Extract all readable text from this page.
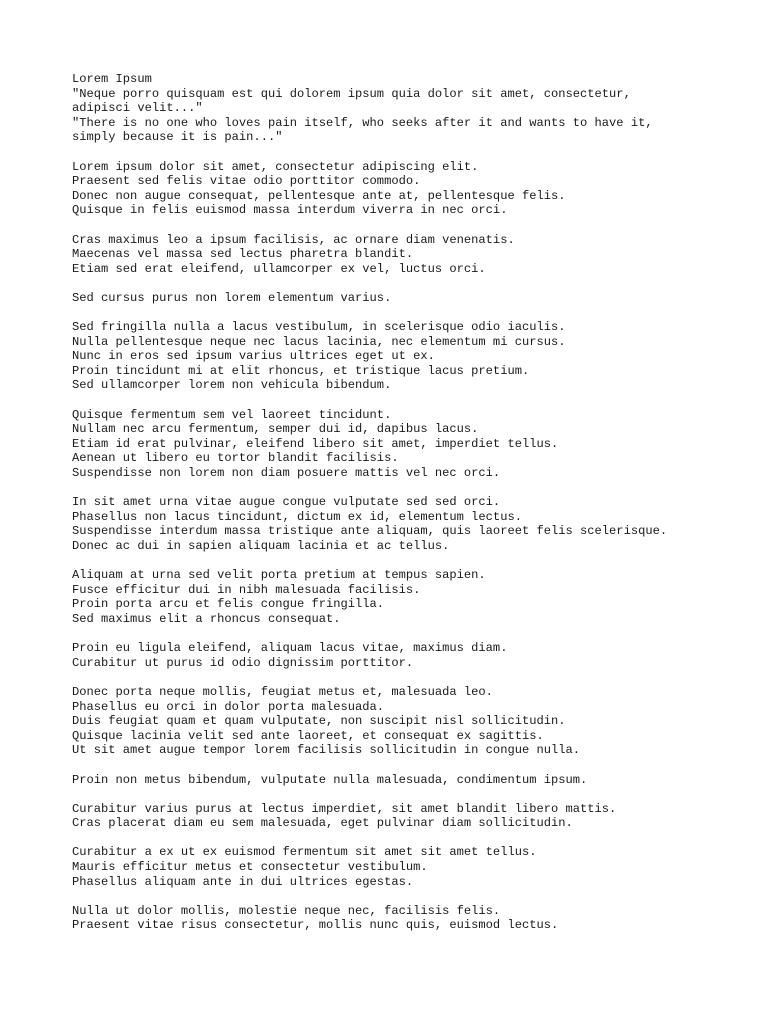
Lorem Ipsum
"Neque porro quisquam est qui dolorem ipsum quia dolor sit amet, consectetur,
adipisci velit..."
"There is no one who loves pain itself, who seeks after it and wants to have it,
simply because it is pain..."
Lorem ipsum dolor sit amet, consectetur adipiscing elit.
Praesent sed felis vitae odio porttitor commodo.
Donec non augue consequat, pellentesque ante at, pellentesque felis.
Quisque in felis euismod massa interdum viverra in nec orci.
Cras maximus leo a ipsum facilisis, ac ornare diam venenatis.
Maecenas vel massa sed lectus pharetra blandit.
Etiam sed erat eleifend, ullamcorper ex vel, luctus orci.
Sed cursus purus non lorem elementum varius.
Sed fringilla nulla a lacus vestibulum, in scelerisque odio iaculis.
Nulla pellentesque neque nec lacus lacinia, nec elementum mi cursus.
Nunc in eros sed ipsum varius ultrices eget ut ex.
Proin tincidunt mi at elit rhoncus, et tristique lacus pretium.
Sed ullamcorper lorem non vehicula bibendum.
Quisque fermentum sem vel laoreet tincidunt.
Nullam nec arcu fermentum, semper dui id, dapibus lacus.
Etiam id erat pulvinar, eleifend libero sit amet, imperdiet tellus.
Aenean ut libero eu tortor blandit facilisis.
Suspendisse non lorem non diam posuere mattis vel nec orci.
In sit amet urna vitae augue congue vulputate sed sed orci.
Phasellus non lacus tincidunt, dictum ex id, elementum lectus.
Suspendisse interdum massa tristique ante aliquam, quis laoreet felis scelerisque.
Donec ac dui in sapien aliquam lacinia et ac tellus.
Aliquam at urna sed velit porta pretium at tempus sapien.
Fusce efficitur dui in nibh malesuada facilisis.
Proin porta arcu et felis congue fringilla.
Sed maximus elit a rhoncus consequat.
Proin eu ligula eleifend, aliquam lacus vitae, maximus diam.
Curabitur ut purus id odio dignissim porttitor.
Donec porta neque mollis, feugiat metus et, malesuada leo.
Phasellus eu orci in dolor porta malesuada.
Duis feugiat quam et quam vulputate, non suscipit nisl sollicitudin.
Quisque lacinia velit sed ante laoreet, et consequat ex sagittis.
Ut sit amet augue tempor lorem facilisis sollicitudin in congue nulla.
Proin non metus bibendum, vulputate nulla malesuada, condimentum ipsum.
Curabitur varius purus at lectus imperdiet, sit amet blandit libero mattis.
Cras placerat diam eu sem malesuada, eget pulvinar diam sollicitudin.
Curabitur a ex ut ex euismod fermentum sit amet sit amet tellus.
Mauris efficitur metus et consectetur vestibulum.
Phasellus aliquam ante in dui ultrices egestas.
Nulla ut dolor mollis, molestie neque nec, facilisis felis.
Praesent vitae risus consectetur, mollis nunc quis, euismod lectus.
